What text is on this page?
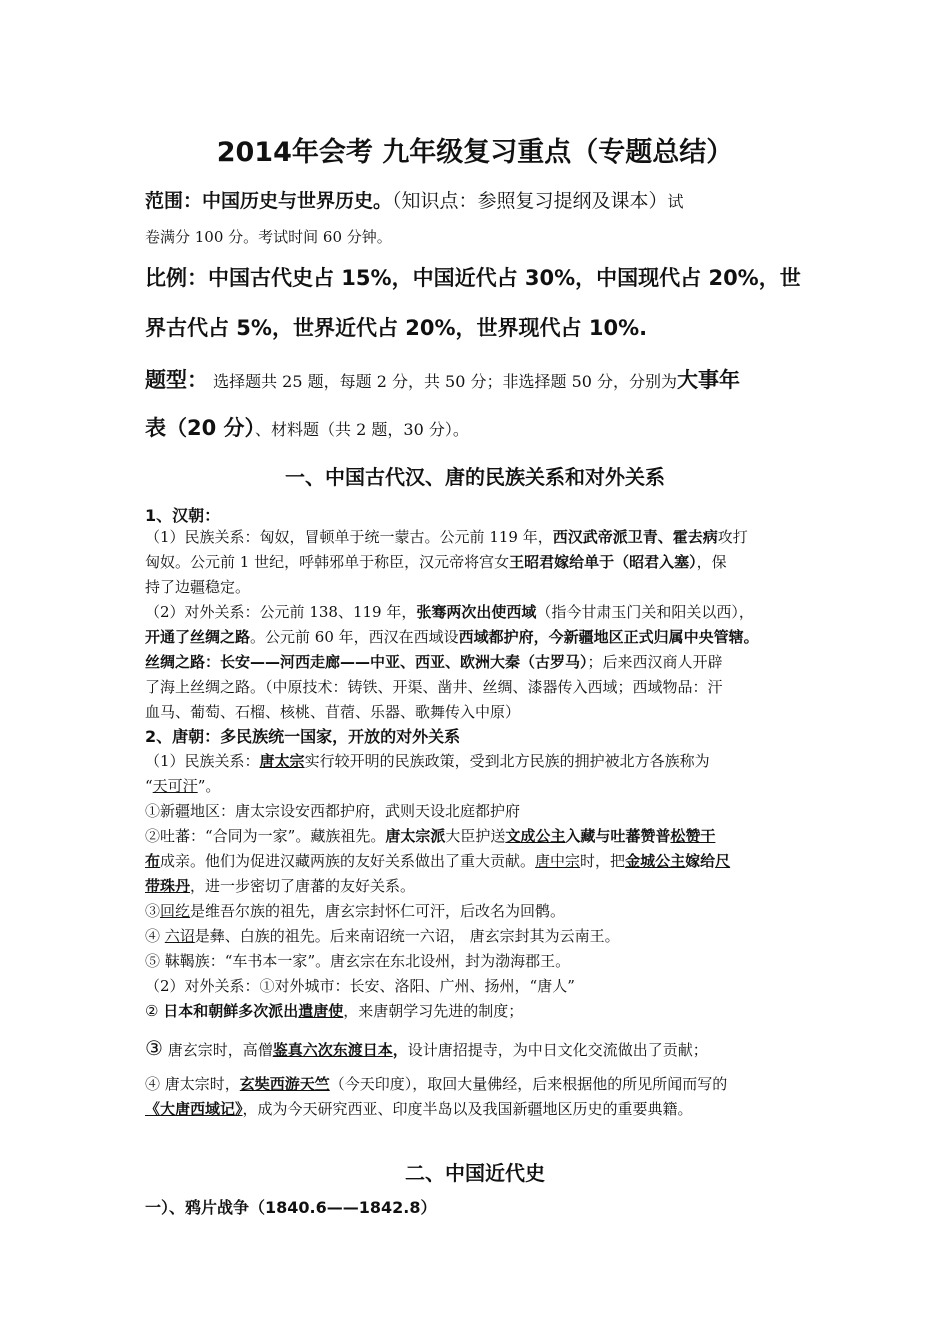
2014年会考 九年级复习重点（专题总结）
范围：中国历史与世界历史。（知识点：参照复习提纲及课本）试
卷满分 100 分。考试时间 60 分钟。
比例：中国古代史占 15%，中国近代占 30%，中国现代占 20%，世
界古代占 5%，世界近代占 20%，世界现代占 10%.
题型： 选择题共 25 题，每题 2 分，共 50 分；非选择题 50 分，分别为大事年
表（20 分）、材料题（共 2 题，30 分）。
一、中国古代汉、唐的民族关系和对外关系
1、汉朝：
（1）民族关系：匈奴，冒顿单于统一蒙古。公元前 119 年，西汉武帝派卫青、霍去病攻打
匈奴。公元前 1 世纪，呼韩邪单于称臣，汉元帝将宫女王昭君嫁给单于（昭君入塞），保
持了边疆稳定。
（2）对外关系：公元前 138、119 年，张骞两次出使西域（指今甘肃玉门关和阳关以西），
开通了丝绸之路。公元前 60 年，西汉在西域设西域都护府，今新疆地区正式归属中央管辖。
丝绸之路：长安——河西走廊——中亚、西亚、欧洲大秦（古罗马）；后来西汉商人开辟
了海上丝绸之路。（中原技术：铸铁、开渠、凿井、丝绸、漆器传入西域；西域物品：汗
血马、葡萄、石榴、核桃、苜蓿、乐器、歌舞传入中原）
2、唐朝：多民族统一国家，开放的对外关系
（1）民族关系：唐太宗实行较开明的民族政策，受到北方民族的拥护被北方各族称为
“天可汗”。
①新疆地区：唐太宗设安西都护府，武则天设北庭都护府
②吐蕃：“合同为一家”。藏族祖先。唐太宗派大臣护送文成公主入藏与吐蕃赞普松赞干
布成亲。他们为促进汉藏两族的友好关系做出了重大贡献。唐中宗时，把金城公主嫁给尺
带珠丹，进一步密切了唐蕃的友好关系。
③回纥是维吾尔族的祖先，唐玄宗封怀仁可汗，后改名为回鹘。
④ 六诏是彝、白族的祖先。后来南诏统一六诏， 唐玄宗封其为云南王。
⑤ 靺鞨族：“车书本一家”。唐玄宗在东北设州，封为渤海郡王。
（2）对外关系：①对外城市：长安、洛阳、广州、扬州，“唐人”
② 日本和朝鲜多次派出遣唐使，来唐朝学习先进的制度；
③ 唐玄宗时，高僧鉴真六次东渡日本，设计唐招提寺，为中日文化交流做出了贡献；
④ 唐太宗时，玄奘西游天竺（今天印度），取回大量佛经，后来根据他的所见所闻而写的
《大唐西域记》，成为今天研究西亚、印度半岛以及我国新疆地区历史的重要典籍。
二、中国近代史
一）、鸦片战争（1840.6——1842.8）
